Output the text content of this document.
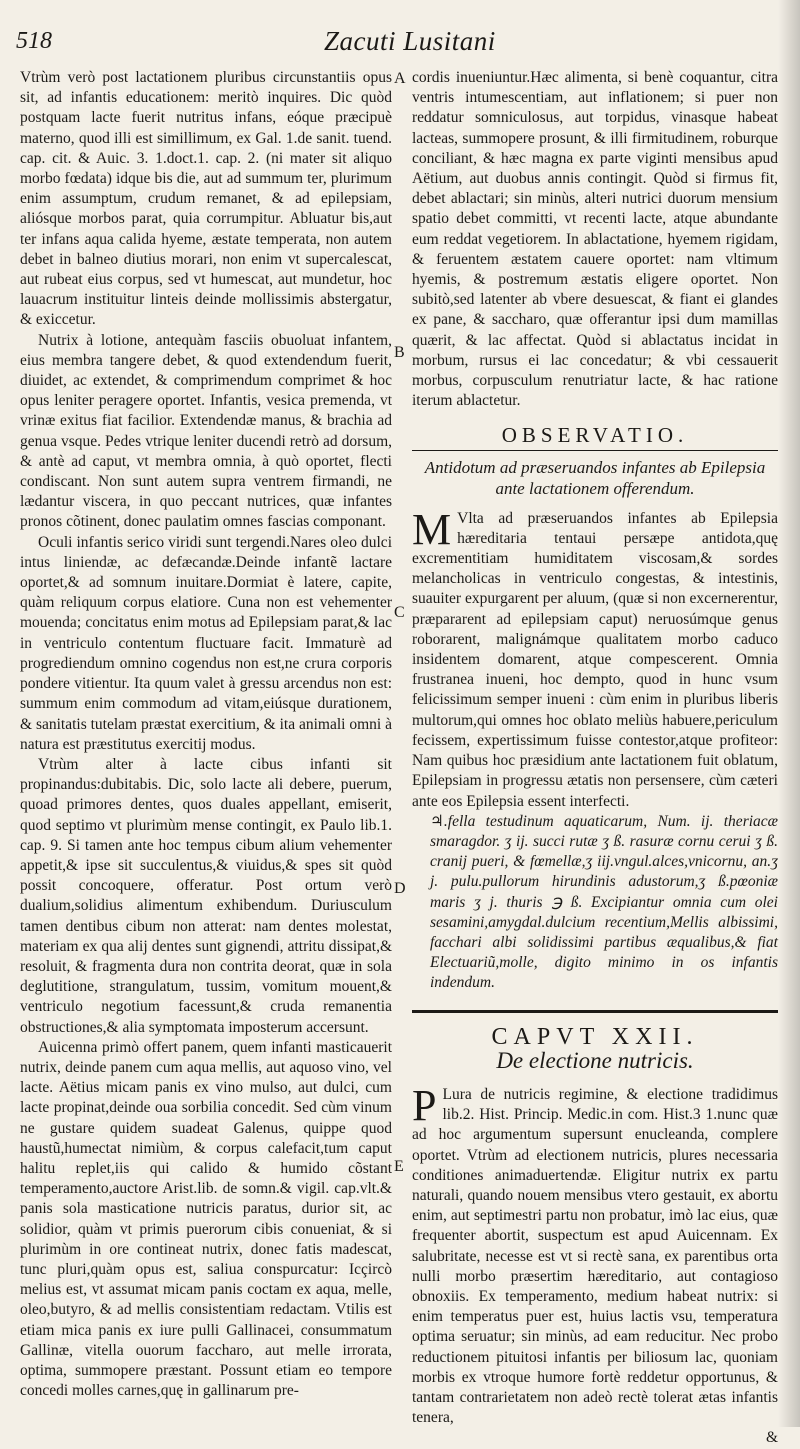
518	Zacuti Lusitani
A
B
C
D
E

Vtrùm verò post lactationem pluribus circunstantiis opus sit, ad infantis educationem: meritò inquires. Dic quòd postquam lacte fuerit nutritus infans, eóque præcipuè materno, quod illi est simillimum, ex Gal. 1.de sanit. tuend. cap. cit. & Auic. 3. 1.doct.1. cap. 2. (ni mater sit aliquo morbo fœdata) idque bis die, aut ad summum ter, plurimum enim assumptum, crudum remanet, & ad epilepsiam, aliósque morbos parat, quia corrumpitur. Abluatur bis,aut ter infans aqua calida hyeme, æstate temperata, non autem debet in balneo diutius morari, non enim vt supercalescat, aut rubeat eius corpus, sed vt humescat, aut mundetur, hoc lauacrum instituitur linteis deinde mollissimis abstergatur, & exiccetur.

Nutrix à lotione, antequàm fasciis obuoluat infantem, eius membra tangere debet, & quod extendendum fuerit, diuidet, ac extendet, & comprimendum comprimet & hoc opus leniter peragere oportet. Infantis, vesica premenda, vt vrinæ exitus fiat facilior. Extendendæ manus, & brachia ad genua vsque. Pedes vtrique leniter ducendi retrò ad dorsum, & antè ad caput, vt membra omnia, à quò oportet, flecti condiscant. Non sunt autem supra ventrem firmandi, ne lædantur viscera, in quo peccant nutrices, quæ infantes pronos cõtinent, donec paulatim omnes fascias componant.

Oculi infantis serico viridi sunt tergendi.Nares oleo dulci intus liniendæ, ac defæcandæ.Deinde infantẽ lactare oportet,& ad somnum inuitare.Dormiat è latere, capite, quàm reliquum corpus elatiore. Cuna non est vehementer mouenda; concitatus enim motus ad Epilepsiam parat,& lac in ventriculo contentum fluctuare facit. Immaturè ad progrediendum omnino cogendus non est,ne crura corporis pondere vitientur. Ita quum valet à gressu arcendus non est: summum enim commodum ad vitam,eiúsque durationem, & sanitatis tutelam præstat exercitium, & ita animali omni à natura est præstitutus exercitij modus.

Vtrùm alter à lacte cibus infanti sit propinandus:dubitabis. Dic, solo lacte ali debere, puerum, quoad primores dentes, quos duales appellant, emiserit, quod septimo vt plurimùm mense contingit, ex Paulo lib.1. cap. 9. Si tamen ante hoc tempus cibum alium vehementer appetit,& ipse sit succulentus,& viuidus,& spes sit quòd possit concoquere, offeratur. Post ortum verò dualium,solidius alimentum exhibendum. Duriusculum tamen dentibus cibum non atterat: nam dentes molestat, materiam ex qua alij dentes sunt gignendi, attritu dissipat,& resoluit, & fragmenta dura non contrita deorat, quæ in sola deglutitione, strangulatum, tussim, vomitum mouent,& ventriculo negotium facessunt,& cruda remanentia obstructiones,& alia symptomata imposterum accersunt.

Auicenna primò offert panem, quem infanti masticauerit nutrix, deinde panem cum aqua mellis, aut aquoso vino, vel lacte. Aëtius micam panis ex vino mulso, aut dulci, cum lacte propinat,deinde oua sorbilia concedit. Sed cùm vinum ne gustare quidem suadeat Galenus, quippe quod haustũ,humectat nimiùm, & corpus calefacit,tum caput halitu replet,iis qui calido & humido cõstant temperamento,auctore Arist.lib. de somn.& vigil. cap.vlt.& panis sola masticatione nutricis paratus, durior sit, ac solidior, quàm vt primis puerorum cibis conueniat, & si plurimùm in ore contineat nutrix, donec fatis madescat, tunc pluri,quàm opus est, saliua conspurcatur: Icçircò melius est, vt assumat micam panis coctam ex aqua, melle, oleo,butyro, & ad mellis consistentiam redactam. Vtilis est etiam mica panis ex iure pulli Gallinacei, consummatum Gallinæ, vitella ouorum faccharo, aut melle irrorata, optima, summopere præstant. Possunt etiam eo tempore concedi molles carnes,quę in gallinarum pre-

cordis inueniuntur.Hæc alimenta, si benè coquantur, citra ventris intumescentiam, aut inflationem; si puer non reddatur somniculosus, aut torpidus, vinasque habeat lacteas, summopere prosunt, & illi firmitudinem, roburque conciliant, & hæc magna ex parte viginti mensibus apud Aëtium, aut duobus annis contingit. Quòd si firmus fit, debet ablactari; sin minùs, alteri nutrici duorum mensium spatio debet committi, vt recenti lacte, atque abundante eum reddat vegetiorem. In ablactatione, hyemem rigidam, & feruentem æstatem cauere oportet: nam vltimum hyemis, & postremum æstatis eligere oportet. Non subitò,sed latenter ab vbere desuescat, & fiant ei glandes ex pane, & saccharo, quæ offerantur ipsi dum mamillas quærit, & lac affectat. Quòd si ablactatus incidat in morbum, rursus ei lac concedatur; & vbi cessauerit morbus, corpusculum renutriatur lacte, & hac ratione iterum ablactetur.

OBSERVATIO.
Antidotum ad præseruandos infantes ab Epilepsia ante lactationem offerendum.

M Vlta ad præseruandos infantes ab Epilepsia hæreditaria tentaui persæpe antidota,quę excrementitiam humiditatem viscosam,& sordes melancholicas in ventriculo congestas, & intestinis, suauiter expurgarent per aluum, (quæ si non excernerentur, præpararent ad epilepsiam caput) neruosúmque genus roborarent, malignámque qualitatem morbo caduco insidentem domarent, atque compescerent. Omnia frustranea inueni, hoc dempto, quod in hunc vsum felicissimum semper inueni : cùm enim in pluribus liberis multorum,qui omnes hoc oblato meliùs habuere,periculum fecissem, expertissimum fuisse contestor,atque profiteor: Nam quibus hoc præsidium ante lactationem fuit oblatum, Epilepsiam in progressu ætatis non persensere, cùm cæteri ante eos Epilepsia essent interfecti.

♃.fella testudinum aquaticarum, Num. ij. theriacæ smaragdor. ʒ ij. succi rutæ ʒ ß. rasuræ cornu cerui ʒ ß. cranij pueri, & fœmellæ,ʒ iij.vngul.alces,vnicornu, an.ʒ j. pulu.pullorum hirundinis adustorum,ʒ ß.pœoniæ maris ʒ j. thuris ℈ ß. Excipiantur omnia cum olei sesamini,amygdal.dulcium recentium,Mellis albissimi, facchari albi solidissimi partibus æqualibus,& fiat Electuariũ,molle, digito minimo in os infantis indendum.

CAPVT XXII.
De electione nutricis.

P Lura de nutricis regimine, & electione tradidimus lib.2. Hist. Princip. Medic.in com. Hist.3 1.nunc quæ ad hoc argumentum supersunt enucleanda, complere oportet. Vtrùm ad electionem nutricis, plures necessaria conditiones animaduertendæ. Eligitur nutrix ex partu naturali, quando nouem mensibus vtero gestauit, ex abortu enim, aut septimestri partu non probatur, imò lac eius, quæ frequenter abortit, suspectum est apud Auicennam. Ex salubritate, necesse est vt si rectè sana, ex parentibus orta nulli morbo præsertim hæreditario, aut contagioso obnoxiis. Ex temperamento, medium habeat nutrix: si enim temperatus puer est, huius lactis vsu, temperatura optima seruatur; sin minùs, ad eam reducitur. Nec probo reductionem pituitosi infantis per biliosum lac, quoniam morbis ex vtroque humore fortè reddetur opportunus, & tantam contrarietatem non adeò rectè tolerat ætas infantis tenera,

&
